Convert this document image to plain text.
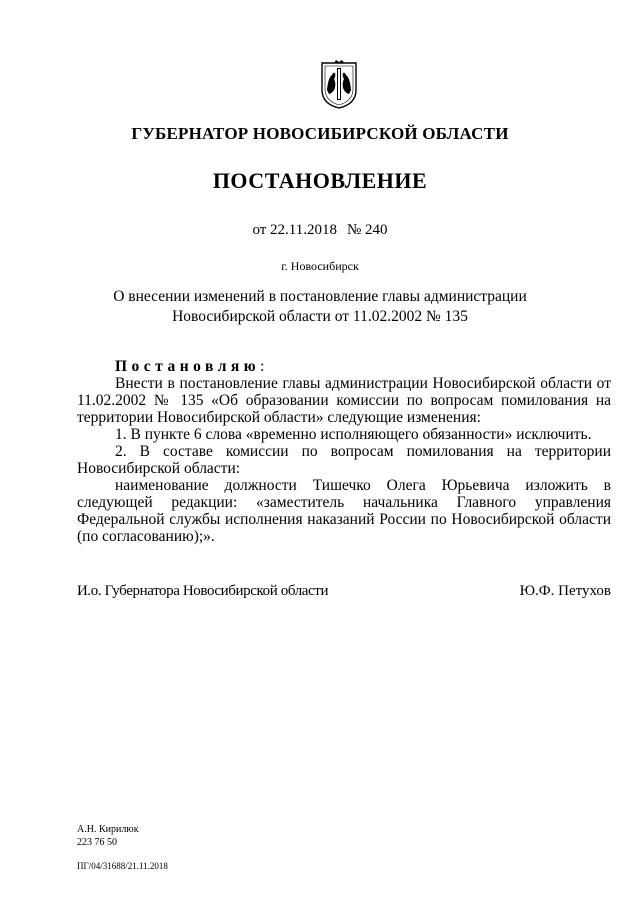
ГУБЕРНАТОР НОВОСИБИРСКОЙ ОБЛАСТИ
ПОСТАНОВЛЕНИЕ
от 22.11.2018 № 240
г. Новосибирск
О внесении изменений в постановление главы администрации
Новосибирской области от 11.02.2002 № 135

Постановляю:

Внести в постановление главы администрации Новосибирской области от 11.02.2002 № 135 «Об образовании комиссии по вопросам помилования на территории Новосибирской области» следующие изменения:

1. В пункте 6 слова «временно исполняющего обязанности» исключить.

2. В составе комиссии по вопросам помилования на территории Новосибирской области:

наименование должности Тишечко Олега Юрьевича изложить в следующей редакции: «заместитель начальника Главного управления Федеральной службы исполнения наказаний России по Новосибирской области (по согласованию);».

И.о. Губернатора Новосибирской области	Ю.Ф. Петухов
А.Н. Кирилюк
223 76 50
ПГ/04/31688/21.11.2018
